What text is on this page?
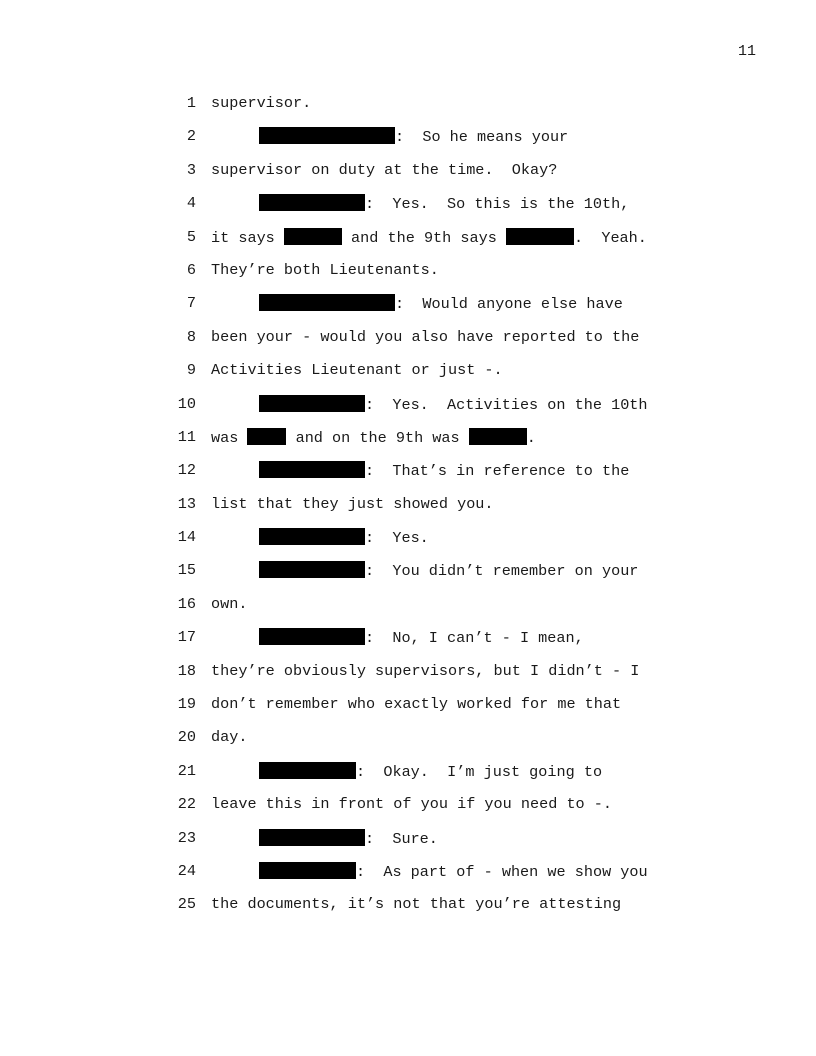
11
1 supervisor.
2	:  So he means your
3 supervisor on duty at the time.  Okay?
4	:  Yes.  So this is the 10th,
5 it says	and the 9th says	.  Yeah.
6 They’re both Lieutenants.
7	:  Would anyone else have
8 been your - would you also have reported to the
9 Activities Lieutenant or just -.
10	:  Yes.  Activities on the 10th
11 was	and on the 9th was	.
12	:  That’s in reference to the
13 list that they just showed you.
14	:  Yes.
15	:  You didn’t remember on your
16 own.
17	:  No, I can’t - I mean,
18 they’re obviously supervisors, but I didn’t - I
19 don’t remember who exactly worked for me that
20 day.
21	:  Okay.  I’m just going to
22 leave this in front of you if you need to -.
23	:  Sure.
24	:  As part of - when we show you
25 the documents, it’s not that you’re attesting
